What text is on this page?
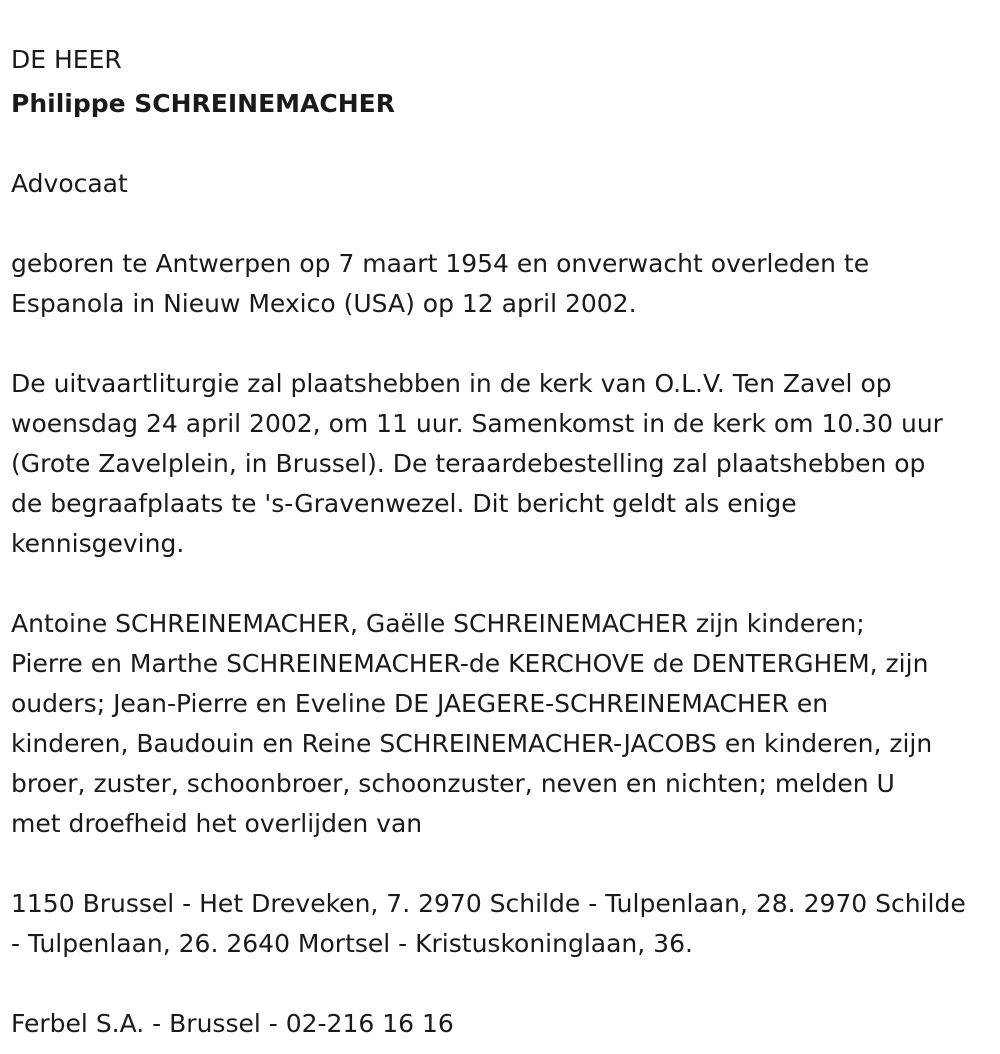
DE HEER

Philippe SCHREINEMACHER

Advocaat

geboren te Antwerpen op 7 maart 1954 en onverwacht overleden te

Espanola in Nieuw Mexico (USA) op 12 april 2002.

De uitvaartliturgie zal plaatshebben in de kerk van O.L.V. Ten Zavel op

woensdag 24 april 2002, om 11 uur. Samenkomst in de kerk om 10.30 uur

(Grote Zavelplein, in Brussel). De teraardebestelling zal plaatshebben op

de begraafplaats te 's-Gravenwezel. Dit bericht geldt als enige

kennisgeving.

Antoine SCHREINEMACHER, Gaëlle SCHREINEMACHER zijn kinderen;

Pierre en Marthe SCHREINEMACHER-de KERCHOVE de DENTERGHEM, zijn

ouders; Jean-Pierre en Eveline DE JAEGERE-SCHREINEMACHER en

kinderen, Baudouin en Reine SCHREINEMACHER-JACOBS en kinderen, zijn

broer, zuster, schoonbroer, schoonzuster, neven en nichten; melden U

met droefheid het overlijden van

1150 Brussel - Het Dreveken, 7. 2970 Schilde - Tulpenlaan, 28. 2970 Schilde

- Tulpenlaan, 26. 2640 Mortsel - Kristuskoninglaan, 36.

Ferbel S.A. - Brussel - 02-216 16 16
